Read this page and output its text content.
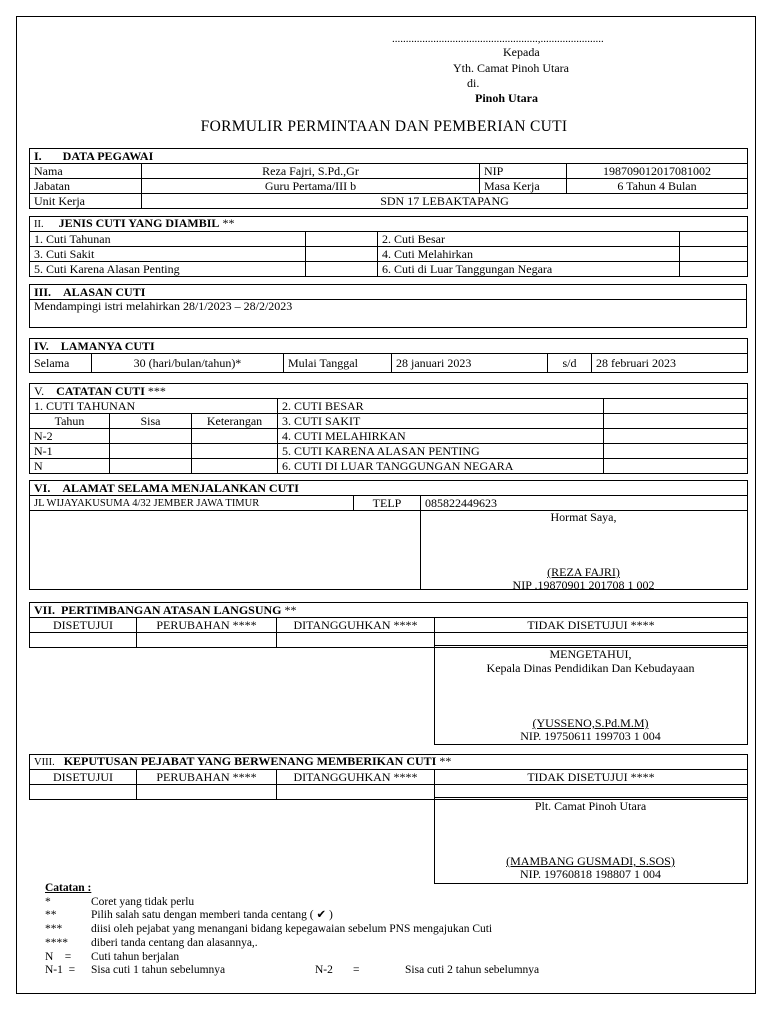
.....................................................,.......................
Kepada
Yth. Camat Pinoh Utara
di.
Pinoh Utara
FORMULIR PERMINTAAN DAN PEMBERIAN CUTI
I. DATA PEGAWAI			
Nama	Reza Fajri, S.Pd.,Gr	NIP	198709012017081002
Jabatan	Guru Pertama/III b	Masa Kerja	6 Tahun 4 Bulan
Unit Kerja	SDN 17 LEBAKTAPANG		
II. JENIS CUTI YANG DIAMBIL **			
1. Cuti Tahunan		2. Cuti Besar	
3. Cuti Sakit		4. Cuti Melahirkan	
5. Cuti Karena Alasan Penting		6. Cuti di Luar Tanggungan Negara	
III. ALASAN CUTI
Mendampingi istri melahirkan 28/1/2023 – 28/2/2023
IV. LAMANYA CUTI
Selama	30 (hari/bulan/tahun)*	Mulai Tanggal	28 januari 2023	s/d	28 februari 2023
V. CATATAN CUTI ***				
1. CUTI TAHUNAN			2. CUTI BESAR	
Tahun	Sisa	Keterangan	3. CUTI SAKIT	
N-2			4. CUTI MELAHIRKAN	
N-1			5. CUTI KARENA ALASAN PENTING	
N			6. CUTI DI LUAR TANGGUNGAN NEGARA	
VI. ALAMAT SELAMA MENJALANKAN CUTI		
JL WIJAYAKUSUMA 4/32 JEMBER JAWA TIMUR	TELP	085822449623

Hormat Saya,
(REZA FAJRI)
NIP .19870901 201708 1 002
VII. PERTIMBANGAN ATASAN LANGSUNG **			
DISETUJUI	PERUBAHAN ****	DITANGGUHKAN ****	TIDAK DISETUJUI ****

MENGETAHUI,
Kepala Dinas Pendidikan Dan Kebudayaan
(YUSSENO,S.Pd.M.M)
NIP. 19750611 199703 1 004
VIII. KEPUTUSAN PEJABAT YANG BERWENANG MEMBERIKAN CUTI **			
DISETUJUI	PERUBAHAN ****	DITANGGUHKAN ****	TIDAK DISETUJUI ****

Plt. Camat Pinoh Utara
(MAMBANG GUSMADI, S.SOS)
NIP. 19760818 198807 1 004
Catatan :
*	Coret yang tidak perlu
**	Pilih salah satu dengan memberi tanda centang ( ✔ )
***	diisi oleh pejabat yang menangani bidang kepegawaian sebelum PNS mengajukan Cuti
****	diberi tanda centang dan alasannya,.
N    =	Cuti tahun berjalan
N-1  =	Sisa cuti 1 tahun sebelumnya	N-2       =	Sisa cuti 2 tahun sebelumnya
